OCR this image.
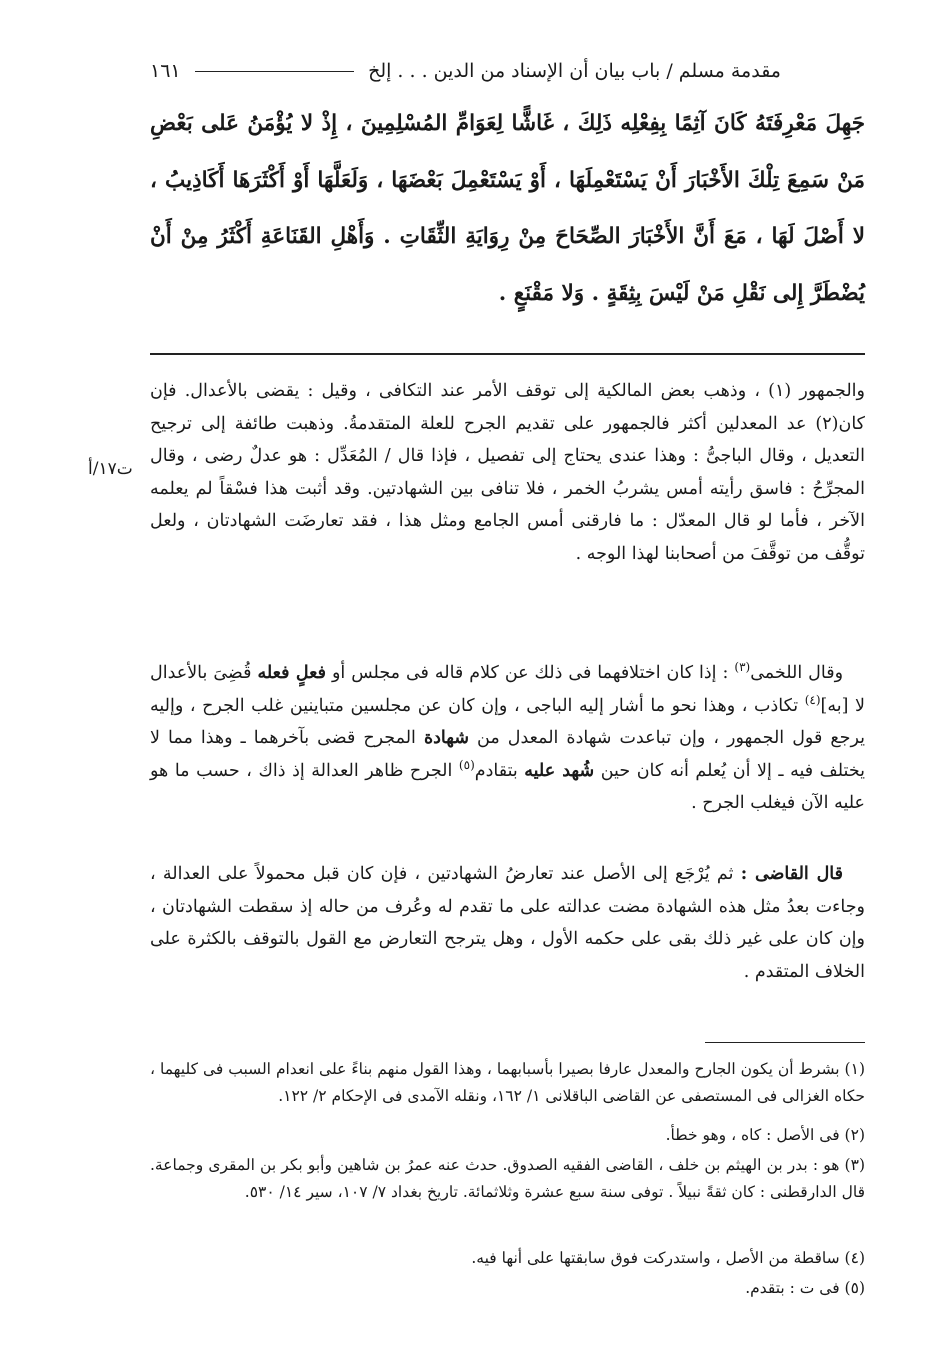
مقدمة مسلم / باب بيان أن الإسناد من الدين . . . إلخ
١٦١
جَهِلَ مَعْرِفَتَهُ كَانَ آثِمًا بِفِعْلِه ذَلِكَ ، غَاشًّا لِعَوَامِّ المُسْلِمِينَ ، إِذْ لا يُؤْمَنُ عَلى بَعْضِ مَنْ سَمِعَ تِلْكَ الأَخْبَارَ أَنْ يَسْتَعْمِلَهَا ، أَوْ يَسْتَعْمِلَ بَعْضَهَا ، وَلَعَلَّهَا أَوْ أَكْثَرَهَا أَكَاذِيبُ ، لا أَصْلَ لَهَا ، مَعَ أَنَّ الأَخْبَارَ الصِّحَاحَ مِنْ رِوَايَةِ الثِّقَاتِ . وَأَهْلِ القَنَاعَةِ أَكْثَرُ مِنْ أَنْ يُضْطَرَّ إِلى نَقْلِ مَنْ لَيْسَ بِثِقَةٍ . وَلا مَقْنَعٍ .
ت١٧/أ

والجمهور (١) ، وذهب بعض المالكية إلى توقف الأمر عند التكافى ، وقيل : يقضى بالأعدال. فإن كان(٢) عد المعدلين أكثر فالجمهور على تقديم الجرح للعلة المتقدمةُ. وذهبت طائفة إلى ترجيح التعديل ، وقال الباجىُّ : وهذا عندى يحتاج إلى تفصيل ، فإذا قال / المُعَدِّل : هو عدلٌ رضى ، وقال المجرِّحُ : فاسق رأيته أمس يشربُ الخمر ، فلا تنافى بين الشهادتين. وقد أثبت هذا فسْقاً لم يعلمه الآخر ، فأما لو قال المعدّل : ما فارقنى أمس الجامع ومثل هذا ، فقد تعارضَت الشهادتان ، ولعل توقُّف من توقَّفَ من أصحابنا لهذا الوجه .

وقال اللخمى$^{(٣)}$ : إذا كان اختلافهما فى ذلك عن كلام قاله فى مجلس أو فعلٍ فعله قُضِىَ بالأعدال لا [به]$^{(٤)}$ تكاذب ، وهذا نحو ما أشار إليه الباجى ، وإن كان عن مجلسين متباينين غلب الجرح ، وإليه يرجع قول الجمهور ، وإن تباعدت شهادة المعدل من شهادة المجرح قضى بآخرهما ـ وهذا مما لا يختلف فيه ـ إلا أن يُعلم أنه كان حين شُهد عليه بتقادم$^{(٥)}$ الجرح ظاهر العدالة إذ ذاك ، حسب ما هو عليه الآن فيغلب الجرح .

قال القاضى : ثم يُرْجَع إلى الأصل عند تعارضُ الشهادتين ، فإن كان قبل محمولاً على العدالة ، وجاءت بعدُ مثل هذه الشهادة مضت عدالته على ما تقدم له وعُرف من حاله إذ سقطت الشهادتان ، وإن كان على غير ذلك بقى على حكمه الأول ، وهل يترجح التعارض مع القول بالتوقف بالكثرة على الخلاف المتقدم .

(١) بشرط أن يكون الجارح والمعدل عارفا بصيرا بأسبابهما ، وهذا القول منهم بناءً على انعدام السبب فى كليهما ، حكاه الغزالى فى المستصفى عن القاضى الباقلانى ١/ ١٦٢، ونقله الآمدى فى الإحكام ٢/ ١٢٢.

(٢) فى الأصل : كاه ، وهو خطأ.

(٣) هو : بدر بن الهيثم بن خلف ، القاضى الفقيه الصدوق. حدث عنه عمرُ بن شاهين وأبو بكر بن المقرى وجماعة. قال الدارقطنى : كان ثقةً نبيلاً . توفى سنة سبع عشرة وثلاثمائة. تاريخ بغداد ٧/ ١٠٧، سير ١٤/ ٥٣٠.

(٤) ساقطة من الأصل ، واستدركت فوق سابقتها على أنها فيه.

(٥) فى ت : بتقدم.
